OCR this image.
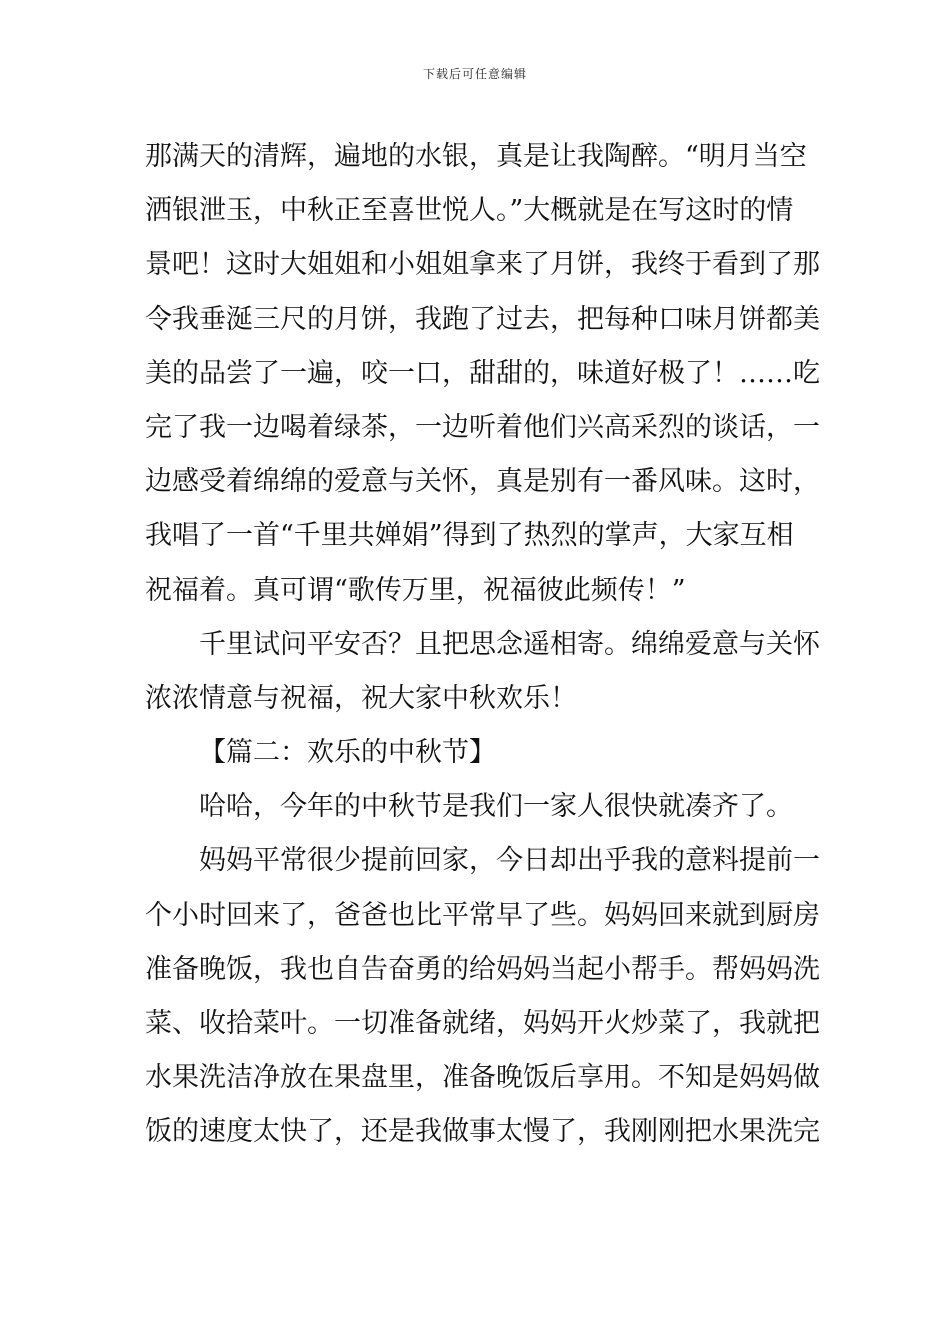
下载后可任意编辑
那满天的清辉，遍地的水银，真是让我陶醉。“明月当空
洒银泄玉，中秋正至喜世悦人。”大概就是在写这时的情
景吧！这时大姐姐和小姐姐拿来了月饼，我终于看到了那
令我垂涎三尺的月饼，我跑了过去，把每种口味月饼都美
美的品尝了一遍，咬一口，甜甜的，味道好极了！……吃
完了我一边喝着绿茶，一边听着他们兴高采烈的谈话，一
边感受着绵绵的爱意与关怀，真是别有一番风味。这时，
我唱了一首“千里共婵娟”得到了热烈的掌声，大家互相
祝福着。真可谓“歌传万里，祝福彼此频传！”
千里试问平安否？且把思念遥相寄。绵绵爱意与关怀
浓浓情意与祝福，祝大家中秋欢乐！
【篇二：欢乐的中秋节】
哈哈，今年的中秋节是我们一家人很快就凑齐了。
妈妈平常很少提前回家，今日却出乎我的意料提前一
个小时回来了，爸爸也比平常早了些。妈妈回来就到厨房
准备晚饭，我也自告奋勇的给妈妈当起小帮手。帮妈妈洗
菜、收拾菜叶。一切准备就绪，妈妈开火炒菜了，我就把
水果洗洁净放在果盘里，准备晚饭后享用。不知是妈妈做
饭的速度太快了，还是我做事太慢了，我刚刚把水果洗完
